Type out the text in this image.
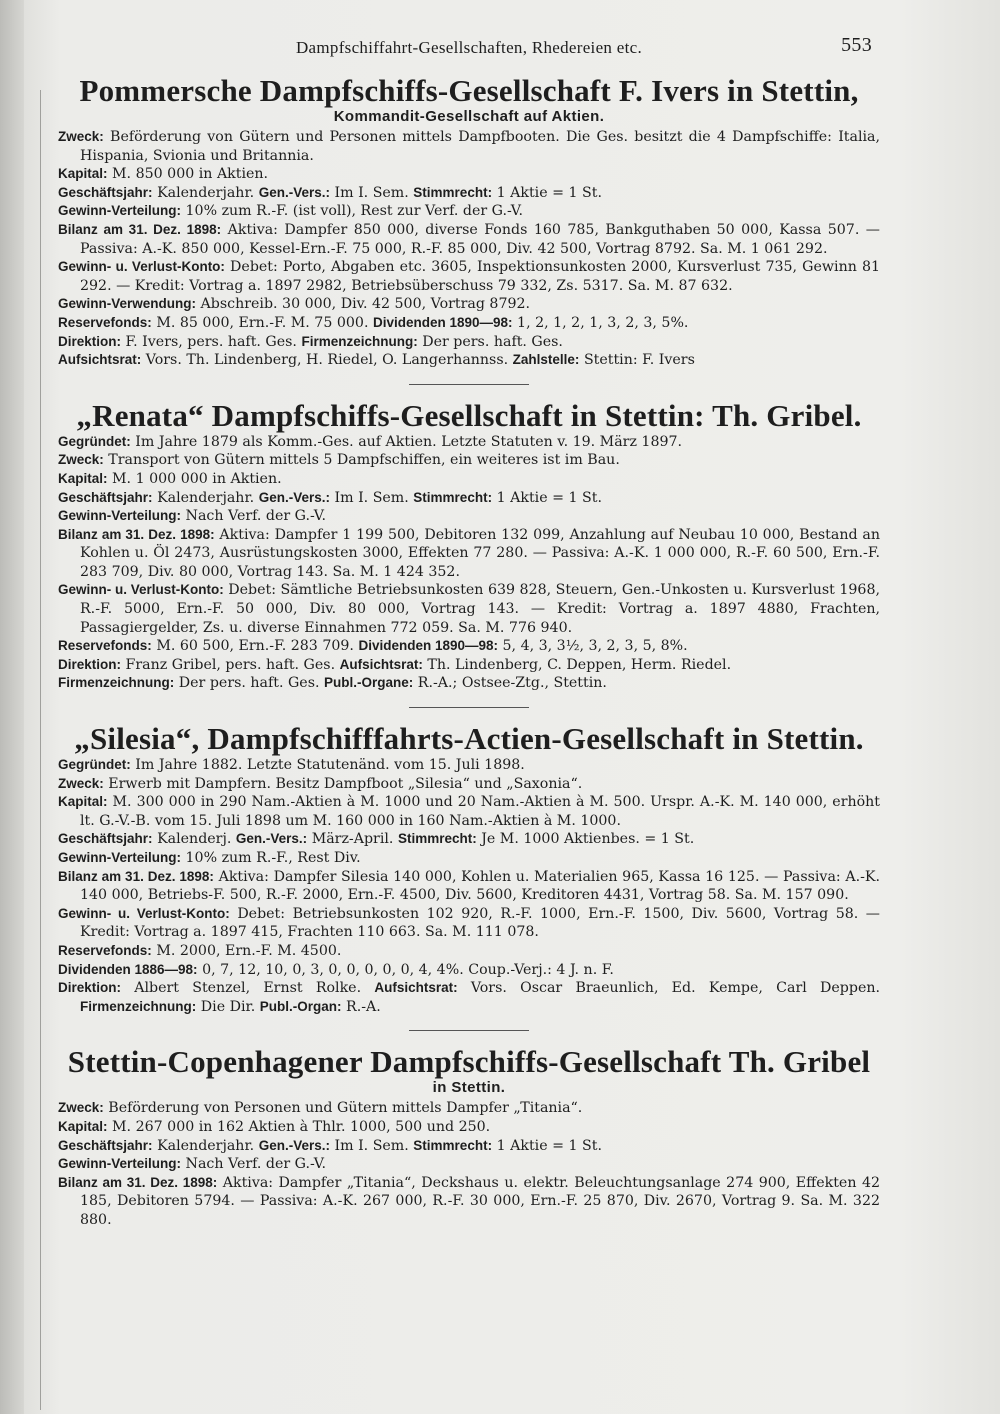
Dampfschiffahrt-Gesellschaften, Rhedereien etc.	553
Pommersche Dampfschiffs-Gesellschaft F. Ivers in Stettin,
Kommandit-Gesellschaft auf Aktien.
Zweck: Beförderung von Gütern und Personen mittels Dampfbooten. Die Ges. besitzt die 4 Dampfschiffe: Italia, Hispania, Svionia und Britannia.
Kapital: M. 850 000 in Aktien.
Geschäftsjahr: Kalenderjahr. Gen.-Vers.: Im I. Sem. Stimmrecht: 1 Aktie = 1 St.
Gewinn-Verteilung: 10% zum R.-F. (ist voll), Rest zur Verf. der G.-V.
Bilanz am 31. Dez. 1898: Aktiva: Dampfer 850 000, diverse Fonds 160 785, Bankguthaben 50 000, Kassa 507. — Passiva: A.-K. 850 000, Kessel-Ern.-F. 75 000, R.-F. 85 000, Div. 42 500, Vortrag 8792. Sa. M. 1 061 292.
Gewinn- u. Verlust-Konto: Debet: Porto, Abgaben etc. 3605, Inspektionsunkosten 2000, Kursverlust 735, Gewinn 81 292. — Kredit: Vortrag a. 1897 2982, Betriebsüberschuss 79 332, Zs. 5317. Sa. M. 87 632.
Gewinn-Verwendung: Abschreib. 30 000, Div. 42 500, Vortrag 8792.
Reservefonds: M. 85 000, Ern.-F. M. 75 000. Dividenden 1890—98: 1, 2, 1, 2, 1, 3, 2, 3, 5%.
Direktion: F. Ivers, pers. haft. Ges. Firmenzeichnung: Der pers. haft. Ges.
Aufsichtsrat: Vors. Th. Lindenberg, H. Riedel, O. Langerhannss. Zahlstelle: Stettin: F. Ivers
„Renata“ Dampfschiffs-Gesellschaft in Stettin: Th. Gribel.
Gegründet: Im Jahre 1879 als Komm.-Ges. auf Aktien. Letzte Statuten v. 19. März 1897.
Zweck: Transport von Gütern mittels 5 Dampfschiffen, ein weiteres ist im Bau.
Kapital: M. 1 000 000 in Aktien.
Geschäftsjahr: Kalenderjahr. Gen.-Vers.: Im I. Sem. Stimmrecht: 1 Aktie = 1 St.
Gewinn-Verteilung: Nach Verf. der G.-V.
Bilanz am 31. Dez. 1898: Aktiva: Dampfer 1 199 500, Debitoren 132 099, Anzahlung auf Neubau 10 000, Bestand an Kohlen u. Öl 2473, Ausrüstungskosten 3000, Effekten 77 280. — Passiva: A.-K. 1 000 000, R.-F. 60 500, Ern.-F. 283 709, Div. 80 000, Vortrag 143. Sa. M. 1 424 352.
Gewinn- u. Verlust-Konto: Debet: Sämtliche Betriebsunkosten 639 828, Steuern, Gen.-Unkosten u. Kursverlust 1968, R.-F. 5000, Ern.-F. 50 000, Div. 80 000, Vortrag 143. — Kredit: Vortrag a. 1897 4880, Frachten, Passagiergelder, Zs. u. diverse Einnahmen 772 059. Sa. M. 776 940.
Reservefonds: M. 60 500, Ern.-F. 283 709. Dividenden 1890—98: 5, 4, 3, 3½, 3, 2, 3, 5, 8%.
Direktion: Franz Gribel, pers. haft. Ges. Aufsichtsrat: Th. Lindenberg, C. Deppen, Herm. Riedel.
Firmenzeichnung: Der pers. haft. Ges. Publ.-Organe: R.-A.; Ostsee-Ztg., Stettin.
„Silesia“, Dampfschifffahrts-Actien-Gesellschaft in Stettin.
Gegründet: Im Jahre 1882. Letzte Statutenänd. vom 15. Juli 1898.
Zweck: Erwerb mit Dampfern. Besitz Dampfboot „Silesia“ und „Saxonia“.
Kapital: M. 300 000 in 290 Nam.-Aktien à M. 1000 und 20 Nam.-Aktien à M. 500. Urspr. A.-K. M. 140 000, erhöht lt. G.-V.-B. vom 15. Juli 1898 um M. 160 000 in 160 Nam.-Aktien à M. 1000.
Geschäftsjahr: Kalenderj. Gen.-Vers.: März-April. Stimmrecht: Je M. 1000 Aktienbes. = 1 St.
Gewinn-Verteilung: 10% zum R.-F., Rest Div.
Bilanz am 31. Dez. 1898: Aktiva: Dampfer Silesia 140 000, Kohlen u. Materialien 965, Kassa 16 125. — Passiva: A.-K. 140 000, Betriebs-F. 500, R.-F. 2000, Ern.-F. 4500, Div. 5600, Kreditoren 4431, Vortrag 58. Sa. M. 157 090.
Gewinn- u. Verlust-Konto: Debet: Betriebsunkosten 102 920, R.-F. 1000, Ern.-F. 1500, Div. 5600, Vortrag 58. — Kredit: Vortrag a. 1897 415, Frachten 110 663. Sa. M. 111 078.
Reservefonds: M. 2000, Ern.-F. M. 4500.
Dividenden 1886—98: 0, 7, 12, 10, 0, 3, 0, 0, 0, 0, 0, 4, 4%. Coup.-Verj.: 4 J. n. F.
Direktion: Albert Stenzel, Ernst Rolke. Aufsichtsrat: Vors. Oscar Braeunlich, Ed. Kempe, Carl Deppen. Firmenzeichnung: Die Dir. Publ.-Organ: R.-A.
Stettin-Copenhagener Dampfschiffs-Gesellschaft Th. Gribel
in Stettin.
Zweck: Beförderung von Personen und Gütern mittels Dampfer „Titania“.
Kapital: M. 267 000 in 162 Aktien à Thlr. 1000, 500 und 250.
Geschäftsjahr: Kalenderjahr. Gen.-Vers.: Im I. Sem. Stimmrecht: 1 Aktie = 1 St.
Gewinn-Verteilung: Nach Verf. der G.-V.
Bilanz am 31. Dez. 1898: Aktiva: Dampfer „Titania“, Deckshaus u. elektr. Beleuchtungsanlage 274 900, Effekten 42 185, Debitoren 5794. — Passiva: A.-K. 267 000, R.-F. 30 000, Ern.-F. 25 870, Div. 2670, Vortrag 9. Sa. M. 322 880.
